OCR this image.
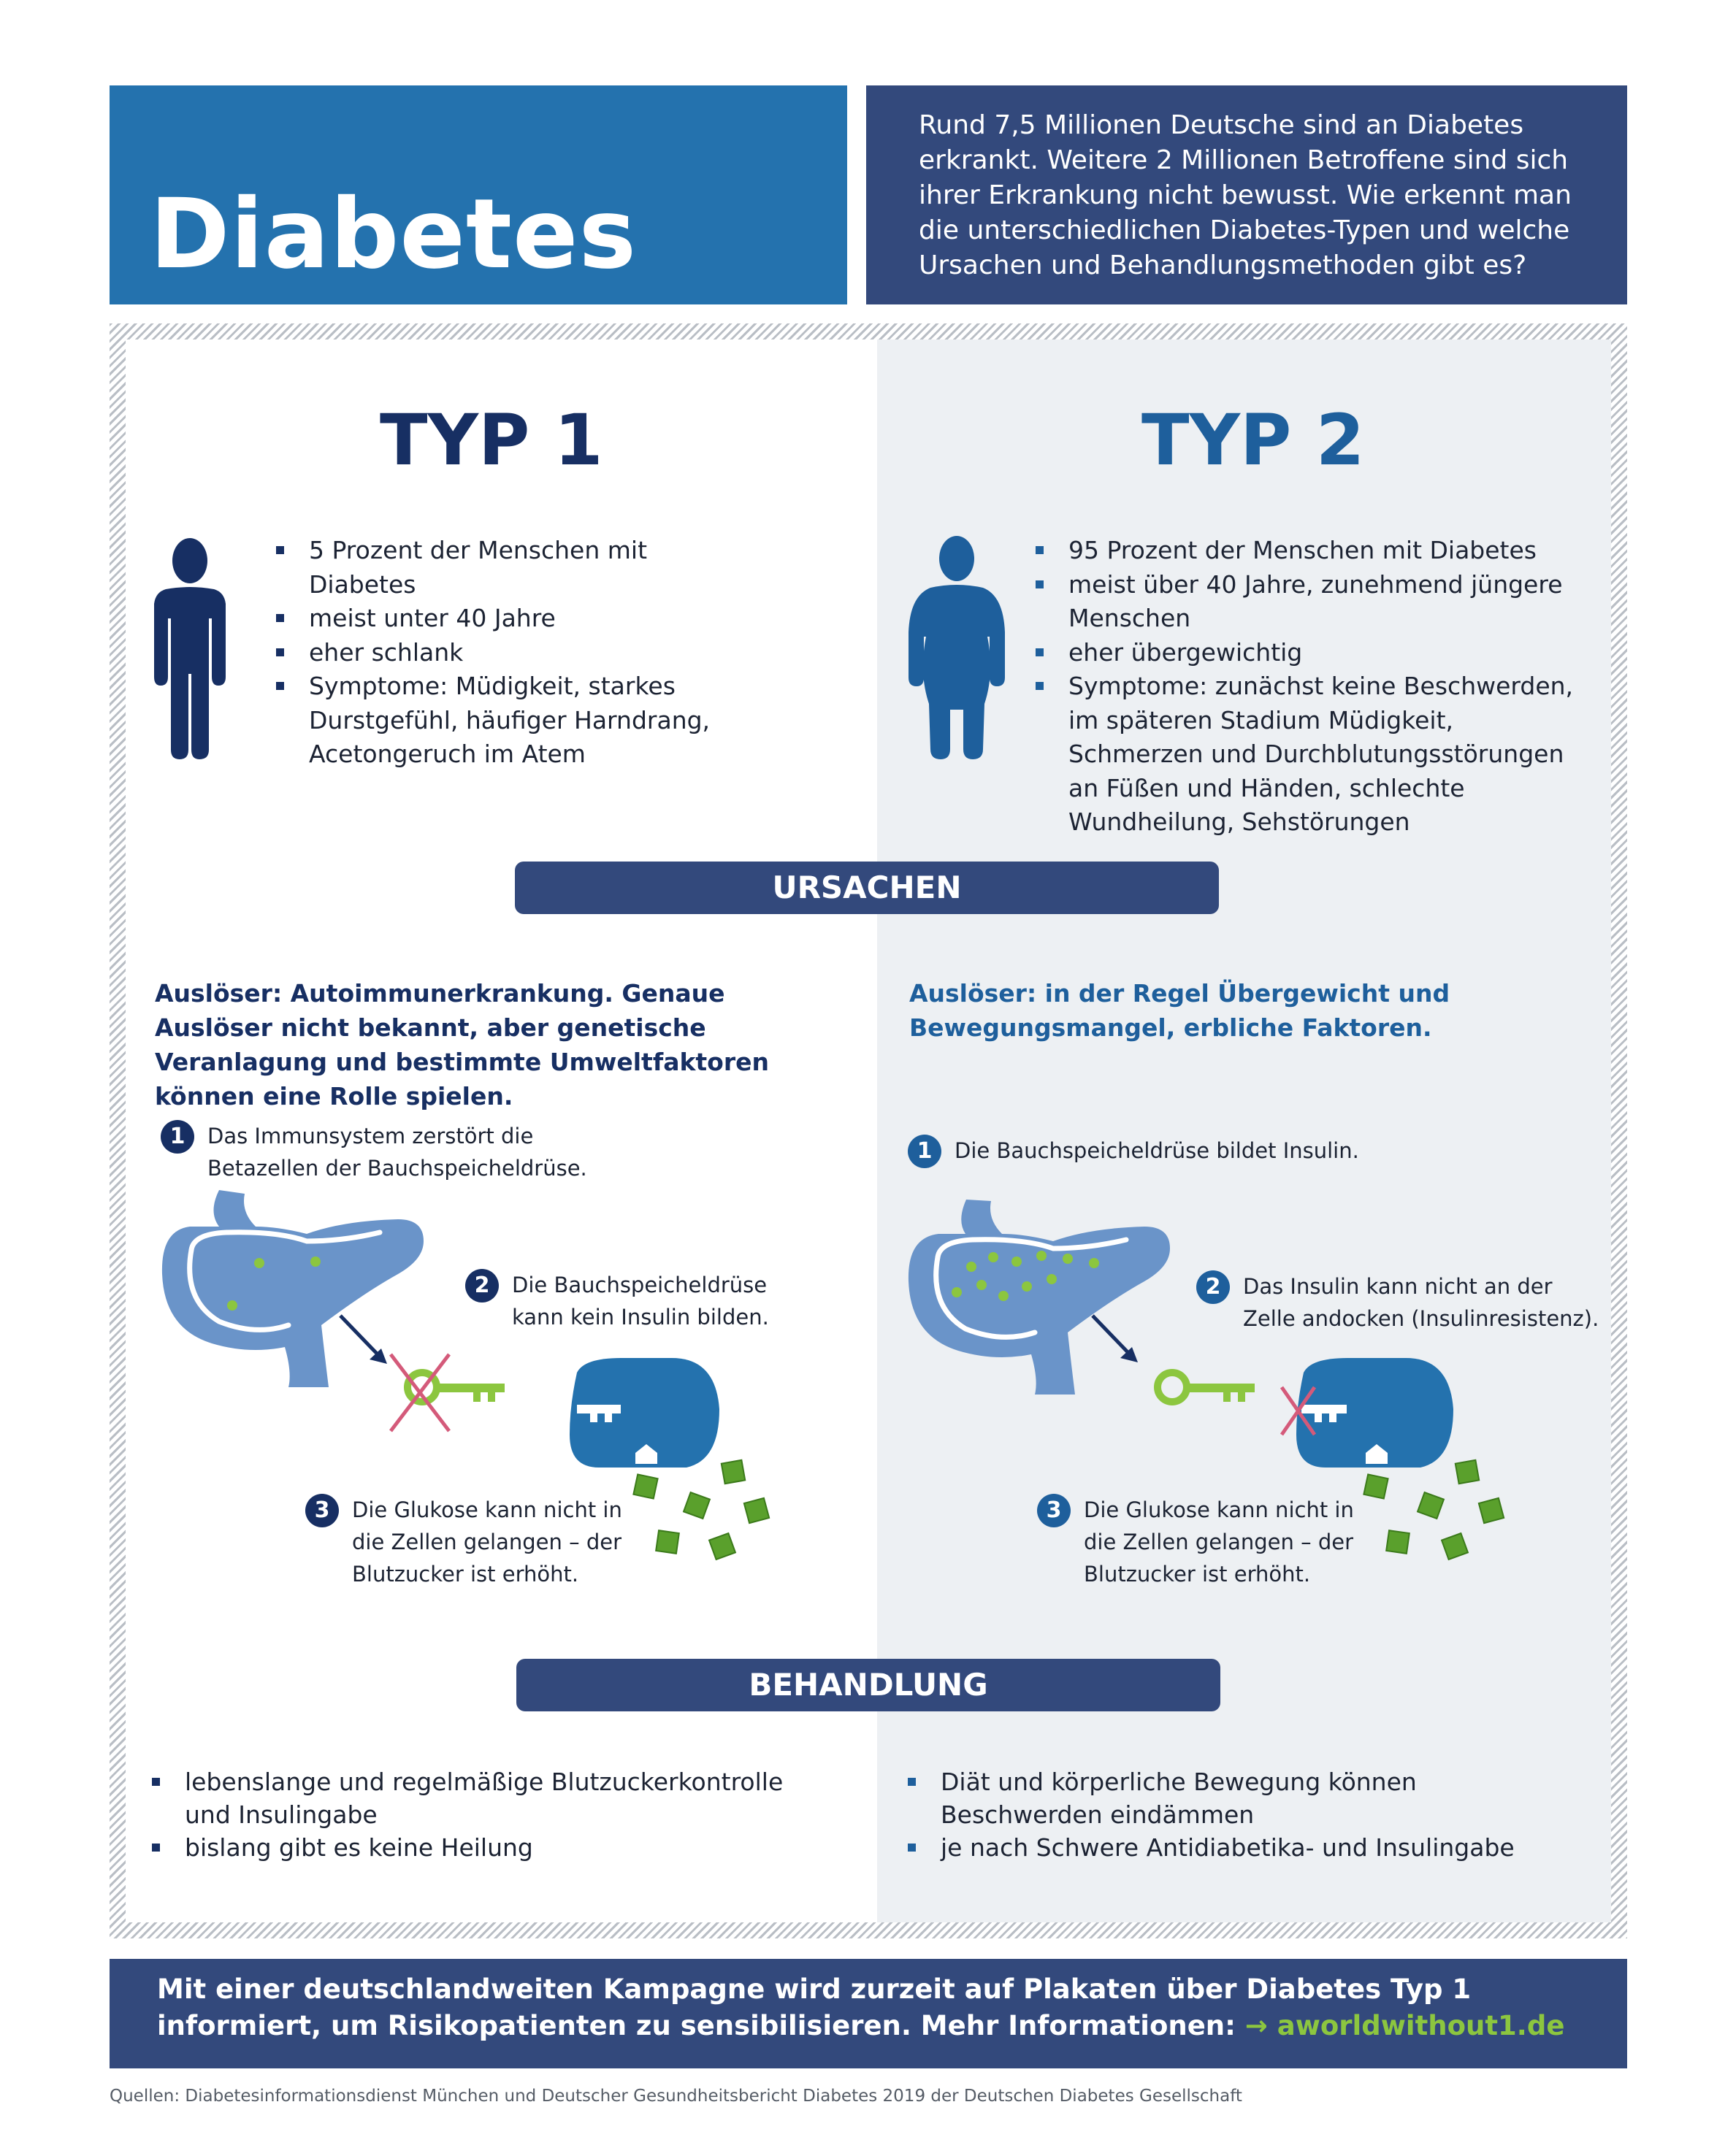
Diabetes
Rund 7,5 Millionen Deutsche sind an Diabetes erkrankt. Weitere 2 Millionen Betroffene sind sich ihrer Erkrankung nicht bewusst. Wie erkennt man die unterschiedlichen Diabetes-Typen und welche Ursachen und Behandlungsmethoden gibt es?
TYP 1	TYP 2
5 Prozent der Menschen mit Diabetes
meist unter 40 Jahre
eher schlank
Symptome: Müdigkeit, starkes Durstgefühl, häufiger Harndrang, Acetongeruch im Atem
95 Prozent der Menschen mit Diabetes
meist über 40 Jahre, zunehmend jüngere Menschen
eher übergewichtig
Symptome: zunächst keine Beschwerden, im späteren Stadium Müdigkeit, Schmerzen und Durchblutungsstörungen an Füßen und Händen, schlechte Wundheilung, Sehstörungen
URSACHEN
Auslöser: Autoimmunerkrankung. Genaue Auslöser nicht bekannt, aber genetische Veranlagung und bestimmte Umweltfaktoren können eine Rolle spielen.
Auslöser: in der Regel Übergewicht und Bewegungsmangel, erbliche Faktoren.
1	Das Immunsystem zerstört die Betazellen der Bauchspeicheldrüse.
2	Die Bauchspeicheldrüse kann kein Insulin bilden.
3	Die Glukose kann nicht in die Zellen gelangen – der Blutzucker ist erhöht.
1	Die Bauchspeicheldrüse bildet Insulin.
2	Das Insulin kann nicht an der Zelle andocken (Insulinresistenz).
3	Die Glukose kann nicht in die Zellen gelangen – der Blutzucker ist erhöht.
BEHANDLUNG
lebenslange und regelmäßige Blutzuckerkontrolle und Insulingabe
bislang gibt es keine Heilung
Diät und körperliche Bewegung können Beschwerden eindämmen
je nach Schwere Antidiabetika- und Insulingabe
Mit einer deutschlandweiten Kampagne wird zurzeit auf Plakaten über Diabetes Typ 1 informiert, um Risikopatienten zu sensibilisieren. Mehr Informationen: → aworldwithout1.de
Quellen: Diabetesinformationsdienst München und Deutscher Gesundheitsbericht Diabetes 2019 der Deutschen Diabetes Gesellschaft
